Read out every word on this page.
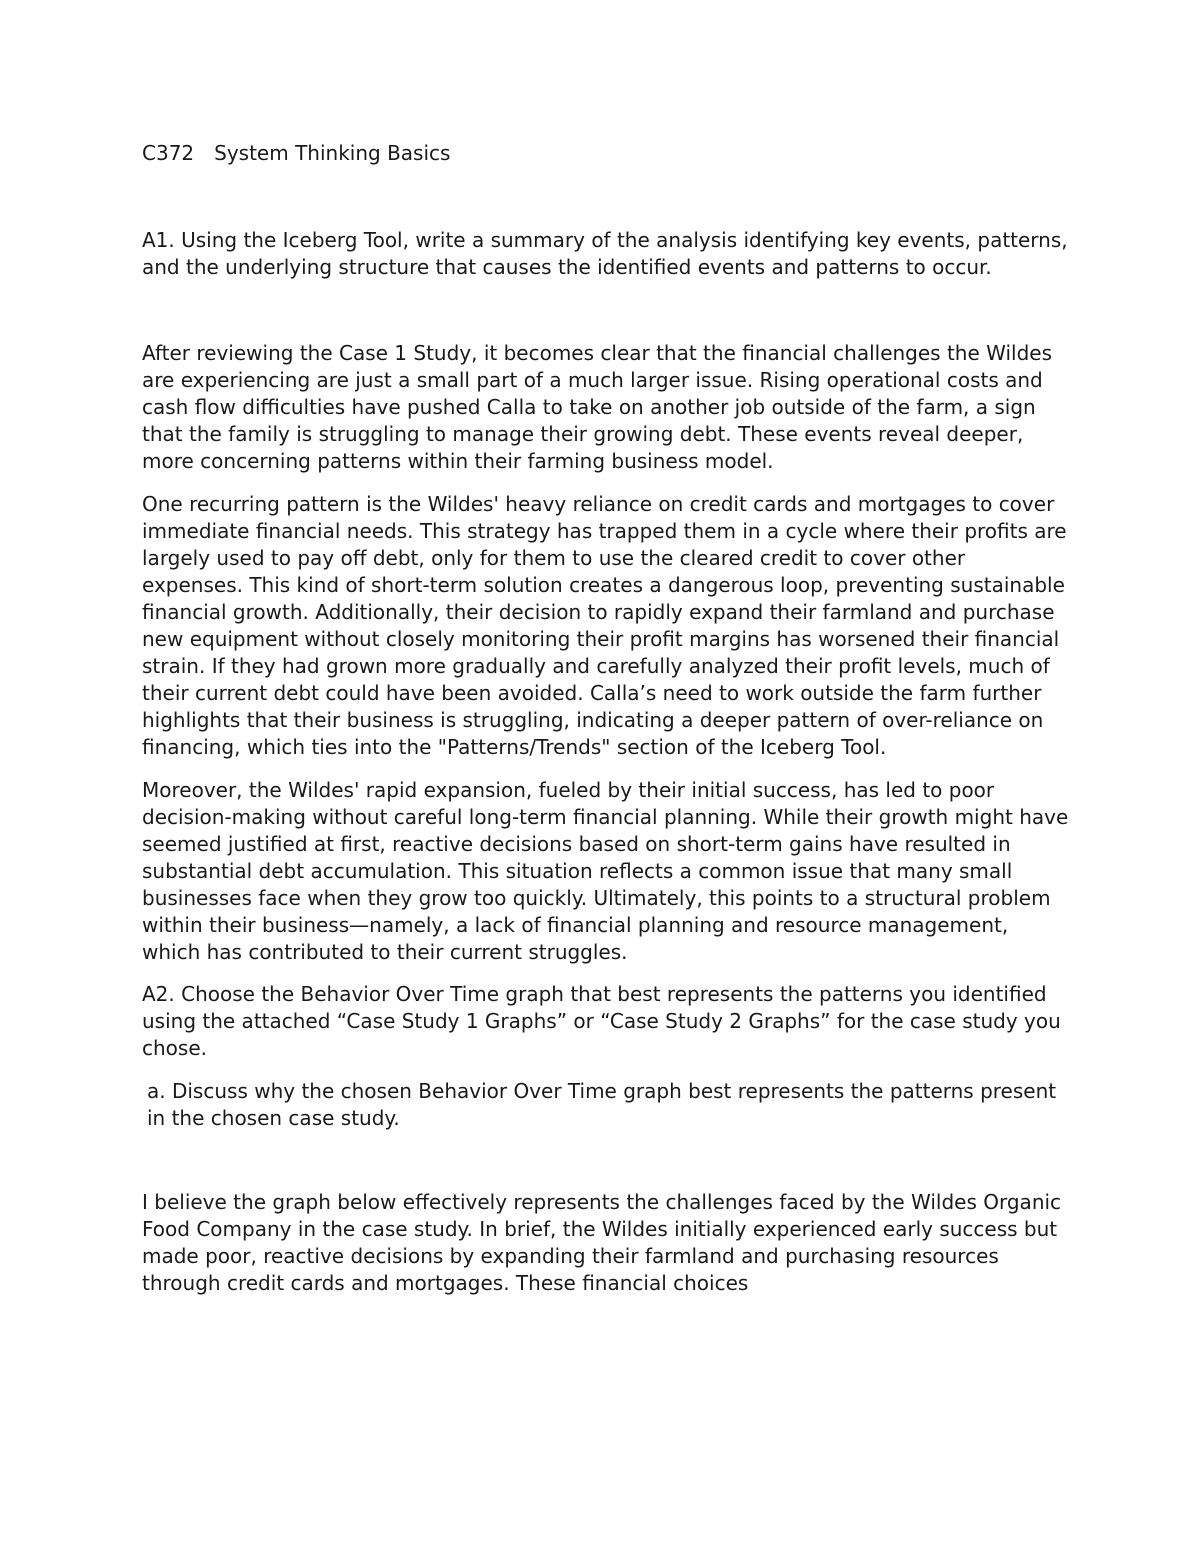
C372 System Thinking Basics

A1. Using the Iceberg Tool, write a summary of the analysis identifying key events, patterns, and the underlying structure that causes the identified events and patterns to occur.

After reviewing the Case 1 Study, it becomes clear that the financial challenges the Wildes are experiencing are just a small part of a much larger issue. Rising operational costs and cash flow difficulties have pushed Calla to take on another job outside of the farm, a sign that the family is struggling to manage their growing debt. These events reveal deeper, more concerning patterns within their farming business model.

One recurring pattern is the Wildes' heavy reliance on credit cards and mortgages to cover immediate financial needs. This strategy has trapped them in a cycle where their profits are largely used to pay off debt, only for them to use the cleared credit to cover other expenses. This kind of short-term solution creates a dangerous loop, preventing sustainable financial growth. Additionally, their decision to rapidly expand their farmland and purchase new equipment without closely monitoring their profit margins has worsened their financial strain. If they had grown more gradually and carefully analyzed their profit levels, much of their current debt could have been avoided. Calla’s need to work outside the farm further highlights that their business is struggling, indicating a deeper pattern of over-reliance on financing, which ties into the "Patterns/Trends" section of the Iceberg Tool.

Moreover, the Wildes' rapid expansion, fueled by their initial success, has led to poor decision-making without careful long-term financial planning. While their growth might have seemed justified at first, reactive decisions based on short-term gains have resulted in substantial debt accumulation. This situation reflects a common issue that many small businesses face when they grow too quickly. Ultimately, this points to a structural problem within their business—namely, a lack of financial planning and resource management, which has contributed to their current struggles.

A2. Choose the Behavior Over Time graph that best represents the patterns you identified using the attached “Case Study 1 Graphs” or “Case Study 2 Graphs” for the case study you chose.

a. Discuss why the chosen Behavior Over Time graph best represents the patterns present in the chosen case study.

I believe the graph below effectively represents the challenges faced by the Wildes Organic Food Company in the case study. In brief, the Wildes initially experienced early success but made poor, reactive decisions by expanding their farmland and purchasing resources through credit cards and mortgages. These financial choices
